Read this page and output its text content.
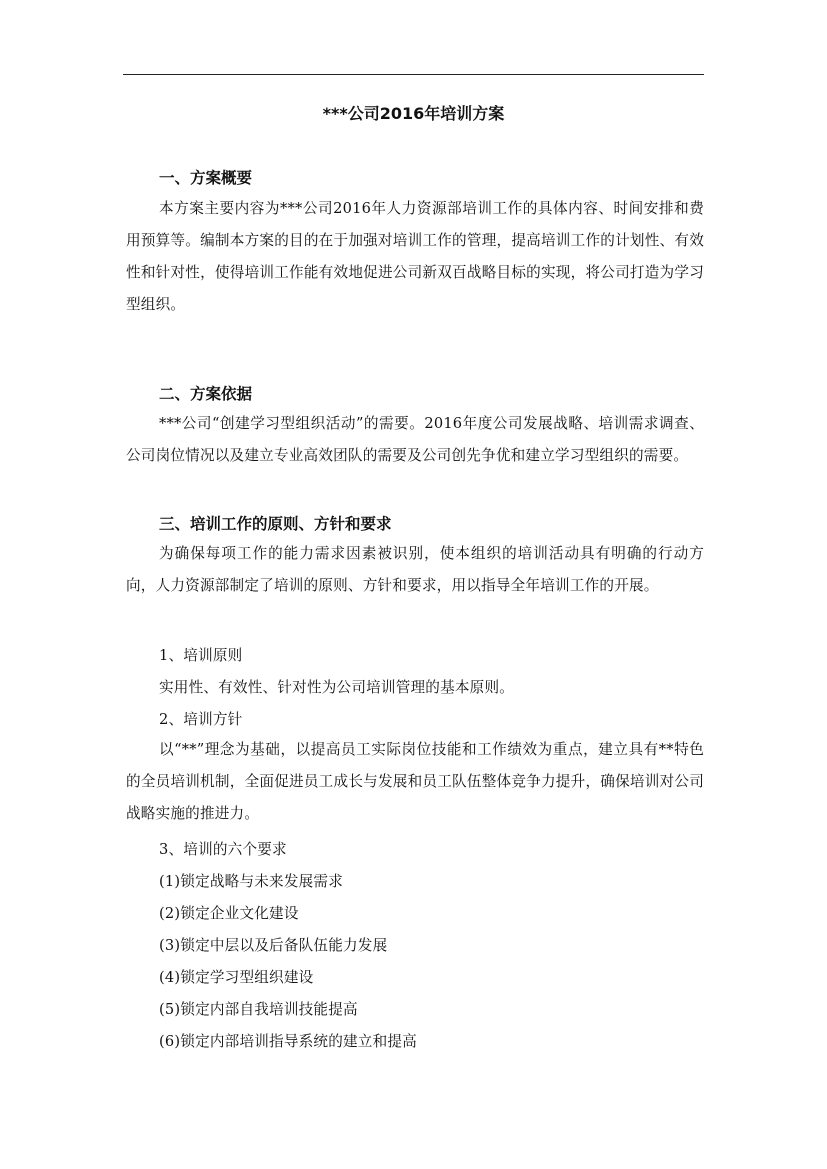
***公司2016年培训方案
一、方案概要
本方案主要内容为***公司2016年人力资源部培训工作的具体内容、时间安排和费用预算等。编制本方案的目的在于加强对培训工作的管理，提高培训工作的计划性、有效性和针对性，使得培训工作能有效地促进公司新双百战略目标的实现，将公司打造为学习型组织。
二、方案依据
***公司“创建学习型组织活动”的需要。2016年度公司发展战略、培训需求调查、公司岗位情况以及建立专业高效团队的需要及公司创先争优和建立学习型组织的需要。
三、培训工作的原则、方针和要求
为确保每项工作的能力需求因素被识别，使本组织的培训活动具有明确的行动方向，人力资源部制定了培训的原则、方针和要求，用以指导全年培训工作的开展。
1、培训原则
实用性、有效性、针对性为公司培训管理的基本原则。
2、培训方针
以“**”理念为基础，以提高员工实际岗位技能和工作绩效为重点，建立具有**特色的全员培训机制，全面促进员工成长与发展和员工队伍整体竞争力提升，确保培训对公司战略实施的推进力。
3、培训的六个要求
(1)锁定战略与未来发展需求
(2)锁定企业文化建设
(3)锁定中层以及后备队伍能力发展
(4)锁定学习型组织建设
(5)锁定内部自我培训技能提高
(6)锁定内部培训指导系统的建立和提高
